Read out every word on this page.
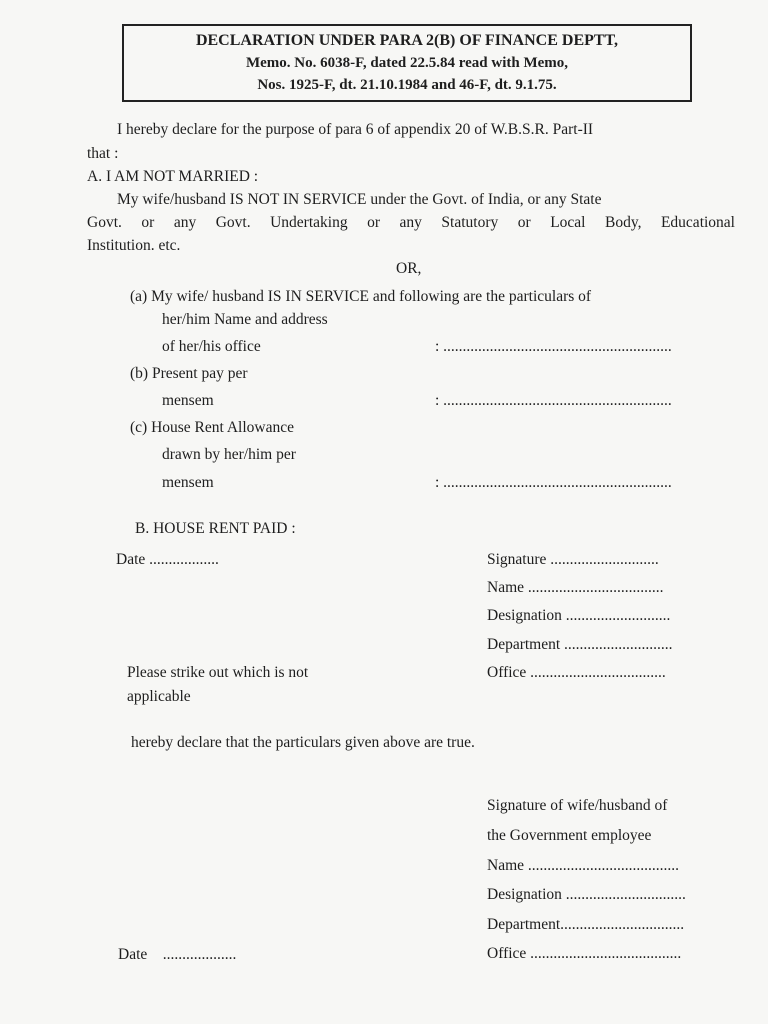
DECLARATION UNDER PARA 2(B) OF FINANCE DEPTT,
Memo. No. 6038-F, dated 22.5.84 read with Memo,
Nos. 1925-F, dt. 21.10.1984 and 46-F, dt. 9.1.75.
I hereby declare for the purpose of para 6 of appendix 20 of W.B.S.R. Part-II
that :
A. I AM NOT MARRIED :
My wife/husband IS NOT IN SERVICE under the Govt. of India, or any State
Govt. or any Govt. Undertaking or any Statutory or Local Body, Educational
Institution. etc.
OR,
(a) My wife/ husband IS IN SERVICE and following are the particulars of
her/him Name and address
of her/his office	: ...........................................................
(b) Present pay per
mensem	: ...........................................................
(c) House Rent Allowance
drawn by her/him per
mensem	: ...........................................................
B. HOUSE RENT PAID :
Date ..................	Signature ............................
Name ...................................
Designation ...........................
Department ............................
Office ...................................
Please strike out which is not
applicable
hereby declare that the particulars given above are true.
Signature of wife/husband of
the Government employee
Name .......................................
Designation ...............................
Department................................
Office .......................................
Date    ...................
